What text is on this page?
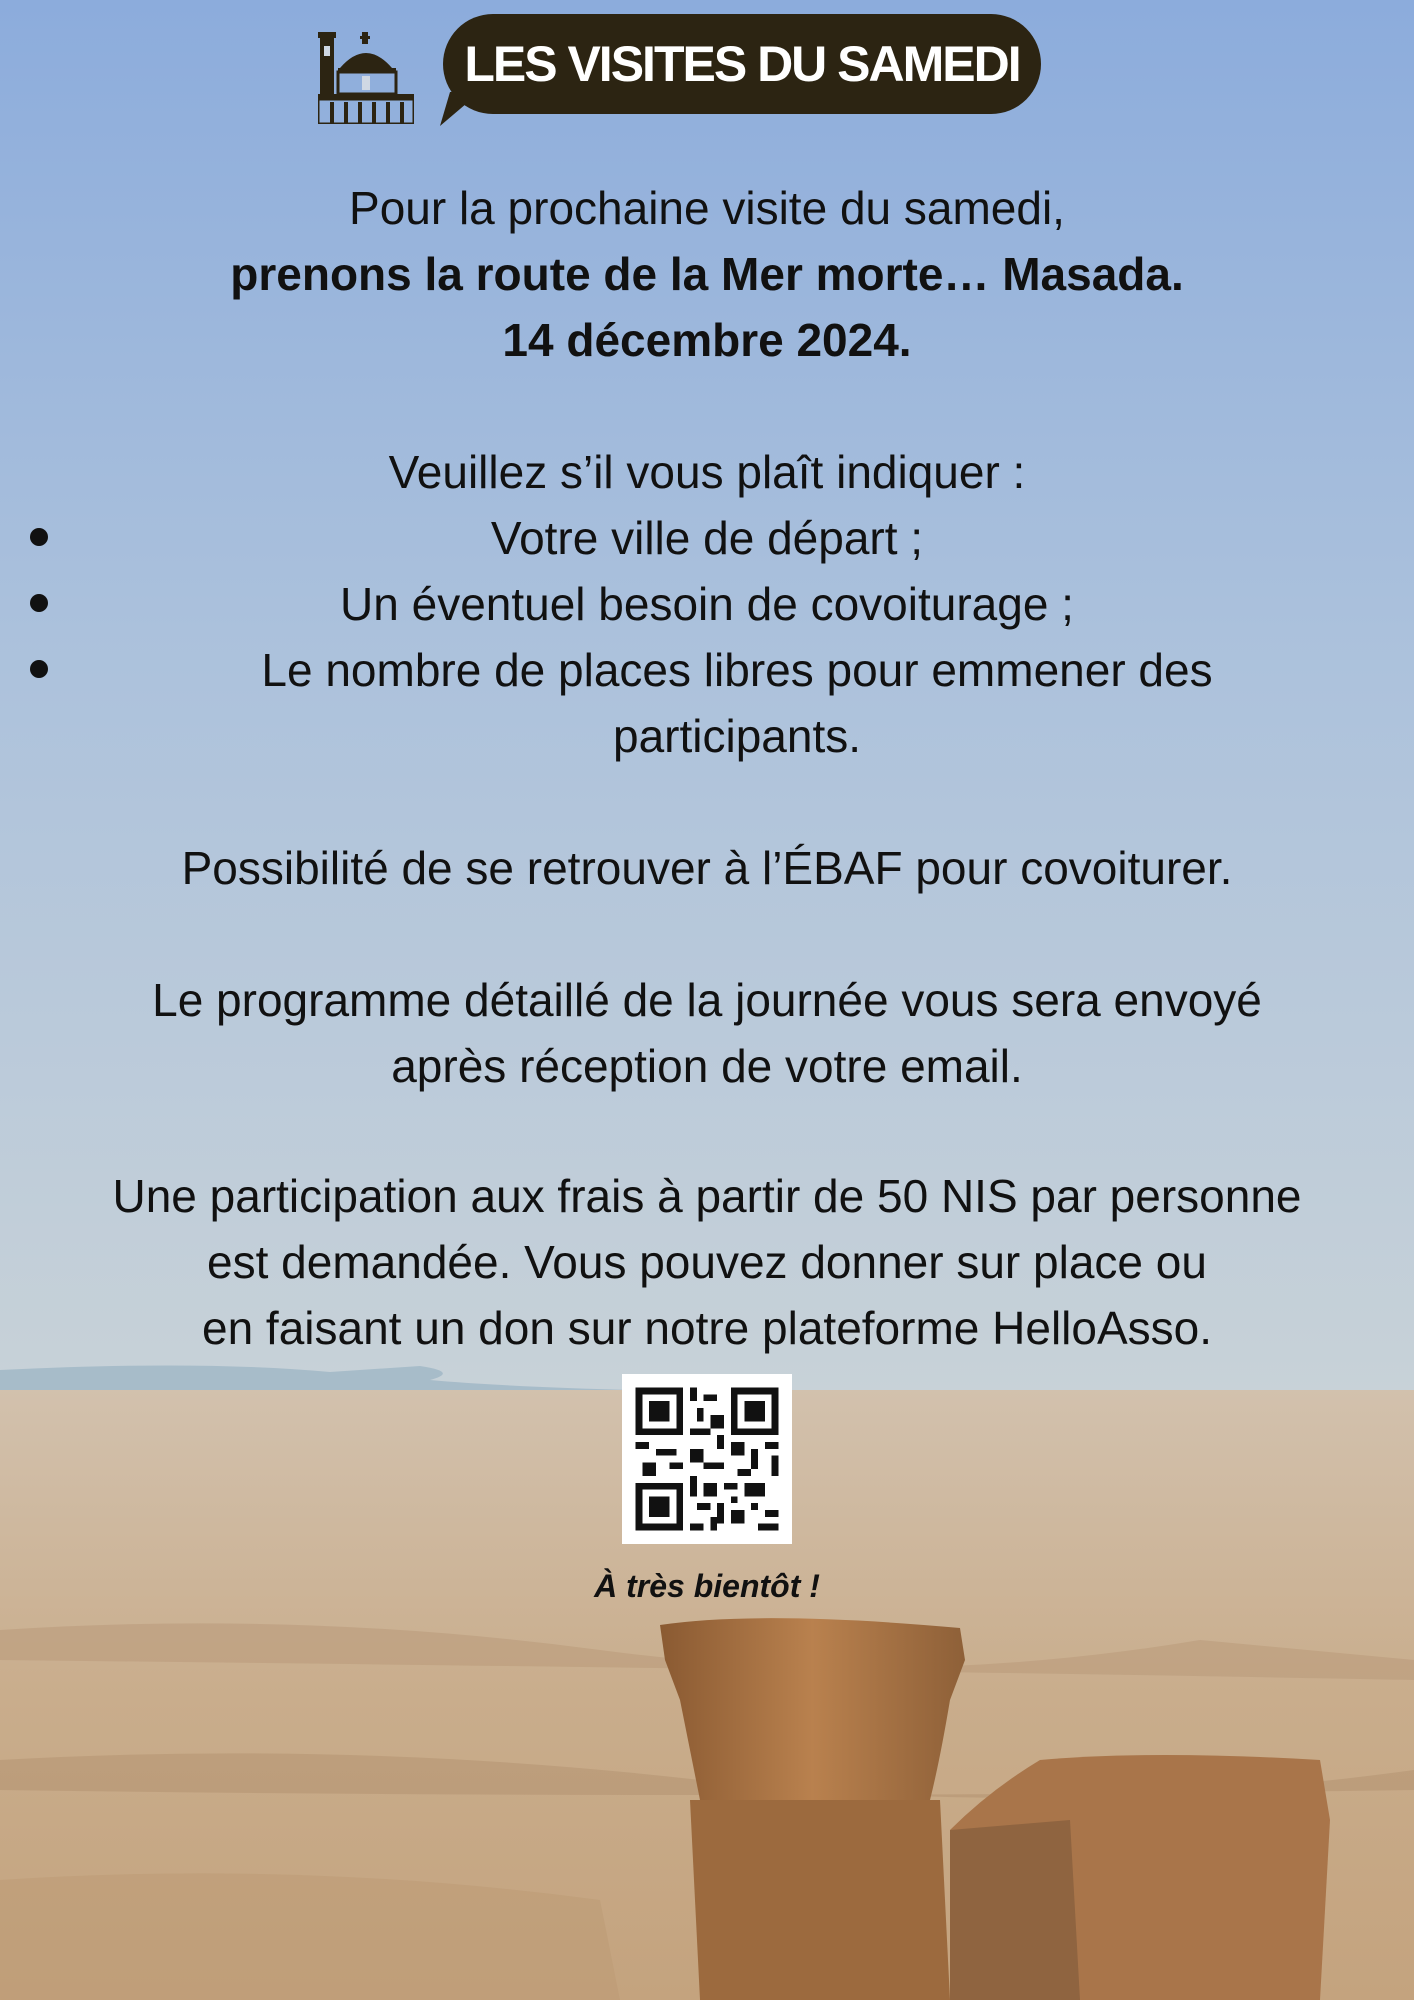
LES VISITES DU SAMEDI
Pour la prochaine visite du samedi,
prenons la route de la Mer morte… Masada.
14 décembre 2024.
Veuillez s’il vous plaît indiquer :
Votre ville de départ ;
Un éventuel besoin de covoiturage ;
Le nombre de places libres pour emmener des
participants.
Possibilité de se retrouver à l’ÉBAF pour covoiturer.
Le programme détaillé de la journée vous sera envoyé
après réception de votre email.
Une participation aux frais à partir de 50 NIS par personne
est demandée. Vous pouvez donner sur place ou
en faisant un don sur notre plateforme HelloAsso.
À très bientôt !
